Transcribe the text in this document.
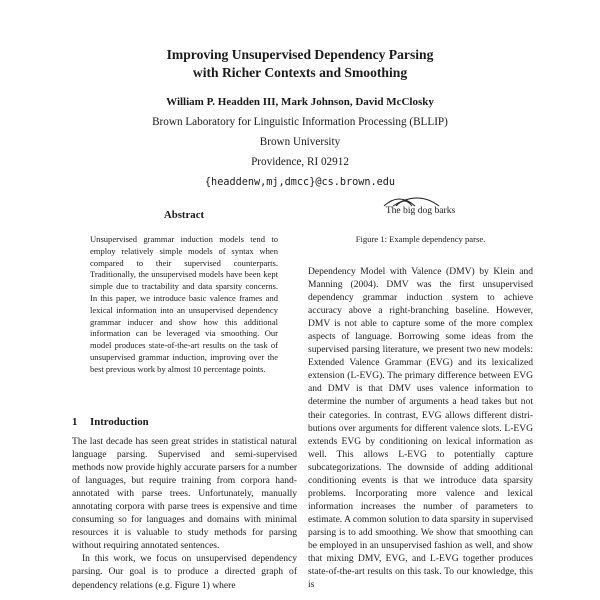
Improving Unsupervised Dependency Parsing
with Richer Contexts and Smoothing
William P. Headden III, Mark Johnson, David McClosky
Brown Laboratory for Linguistic Information Processing (BLLIP)
Brown University
Providence, RI 02912
{headdenw,mj,dmcc}@cs.brown.edu
Abstract
Unsupervised grammar induction models tend to employ relatively simple models of syntax when compared to their supervised counterparts. Traditionally, the unsupervised models have been kept simple due to tractability and data sparsity concerns. In this paper, we introduce basic valence frames and lexical information into an unsupervised dependency grammar inducer and show how this additional information can be leveraged via smoothing. Our model produces state-of-the-art results on the task of unsupervised grammar induction, improving over the best previous work by almost 10 percentage points.
1 Introduction

The last decade has seen great strides in statistical natural language parsing. Supervised and semi-supervised methods now provide highly accurate parsers for a number of languages, but require training from corpora hand-annotated with parse trees. Unfortunately, manually annotating corpora with parse trees is expensive and time consuming so for languages and domains with minimal resources it is valuable to study methods for parsing without requiring annotated sentences.

In this work, we focus on unsupervised dependency parsing. Our goal is to produce a directed graph of dependency relations (e.g. Figure 1) where

The big dog barks
Figure 1: Example dependency parse.

Dependency Model with Valence (DMV) by Klein and Manning (2004). DMV was the first unsupervised dependency grammar induction system to achieve accuracy above a right-branching baseline. However, DMV is not able to capture some of the more complex aspects of language. Borrowing some ideas from the supervised parsing literature, we present two new models: Extended Valence Grammar (EVG) and its lexicalized extension (L-EVG). The primary difference between EVG and DMV is that DMV uses valence information to determine the number of arguments a head takes but not their categories. In contrast, EVG allows different distributions over arguments for different valence slots. L-EVG extends EVG by conditioning on lexical information as well. This allows L-EVG to potentially capture subcategorizations. The downside of adding additional conditioning events is that we introduce data sparsity problems. Incorporating more valence and lexical information increases the number of parameters to estimate. A common solution to data sparsity in supervised parsing is to add smoothing. We show that smoothing can be employed in an unsupervised fashion as well, and show that mixing DMV, EVG, and L-EVG together produces state-of-the-art results on this task. To our knowledge, this is
